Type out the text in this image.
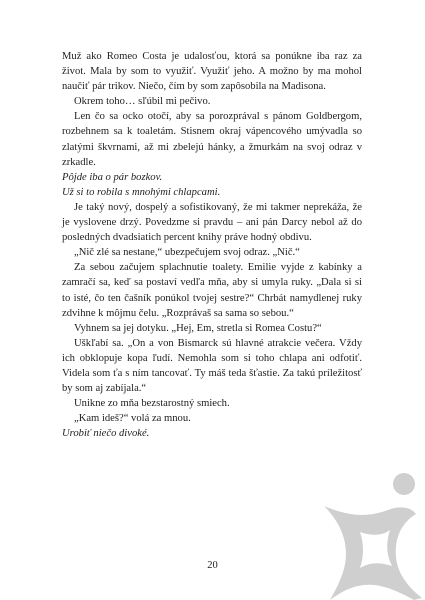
Muž ako Romeo Costa je udalosťou, ktorá sa ponúkne iba raz za život. Mala by som to využiť. Využiť jeho. A možno by ma mohol naučiť pár trikov. Niečo, čím by som zapôsobila na Madisona.

Okrem toho… sľúbil mi pečivo.

Len čo sa ocko otočí, aby sa porozprával s pánom Goldbergom, rozbehnem sa k toaletám. Stisnem okraj vápencového umývadla so zlatými škvrnami, až mi zbelejú hánky, a žmurkám na svoj odraz v zrkadle.

Pôjde iba o pár bozkov.

Už si to robila s mnohými chlapcami.

Je taký nový, dospelý a sofistikovaný, že mi takmer neprekáža, že je vyslovene drzý. Povedzme si pravdu – ani pán Darcy nebol až do posledných dvadsiatich percent knihy práve hodný obdivu.

„Nič zlé sa nestane,“ ubezpečujem svoj odraz. „Nič.“

Za sebou začujem splachnutie toalety. Emilie vyjde z kabínky a zamračí sa, keď sa postaví vedľa mňa, aby si umyla ruky. „Dala si si to isté, čo ten čašník ponúkol tvojej sestre?“ Chrbát namydlenej ruky zdvihne k môjmu čelu. „Rozprávaš sa sama so sebou.“

Vyhnem sa jej dotyku. „Hej, Em, stretla si Romea Costu?“

Uškľabí sa. „On a von Bismarck sú hlavné atrakcie večera. Vždy ich obklopuje kopa ľudí. Nemohla som si toho chlapa ani odfotiť. Videla som ťa s ním tancovať. Ty máš teda šťastie. Za takú príležitosť by som aj zabíjala.“

Unikne zo mňa bezstarostný smiech.

„Kam ideš?“ volá za mnou.

Urobiť niečo divoké.

20
